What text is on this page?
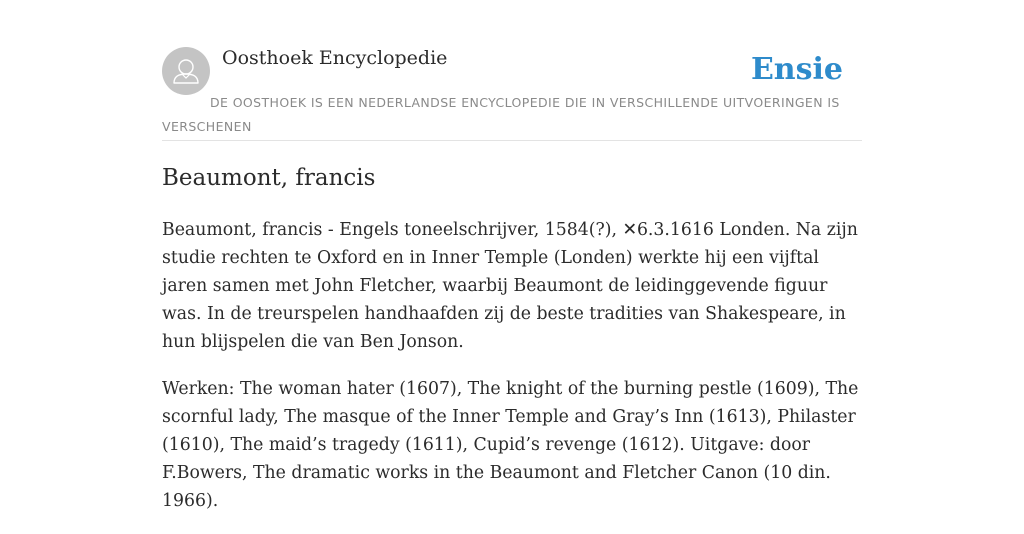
Oosthoek Encyclopedie	Ensie
DE OOSTHOEK IS EEN NEDERLANDSE ENCYCLOPEDIE DIE IN VERSCHILLENDE UITVOERINGEN IS VERSCHENEN
Beaumont, francis

Beaumont, francis - Engels toneelschrijver, 1584(?), ✕6.3.1616 Londen. Na zijn studie rechten te Oxford en in Inner Temple (Londen) werkte hij een vijftal jaren samen met John Fletcher, waarbij Beaumont de leidinggevende figuur was. In de treurspelen handhaafden zij de beste tradities van Shakespeare, in hun blijspelen die van Ben Jonson.

Werken: The woman hater (1607), The knight of the burning pestle (1609), The scornful lady, The masque of the Inner Temple and Gray’s Inn (1613), Philaster (1610), The maid’s tragedy (1611), Cupid’s revenge (1612). Uitgave: door F.Bowers, The dramatic works in the Beaumont and Fletcher Canon (10 din. 1966).
